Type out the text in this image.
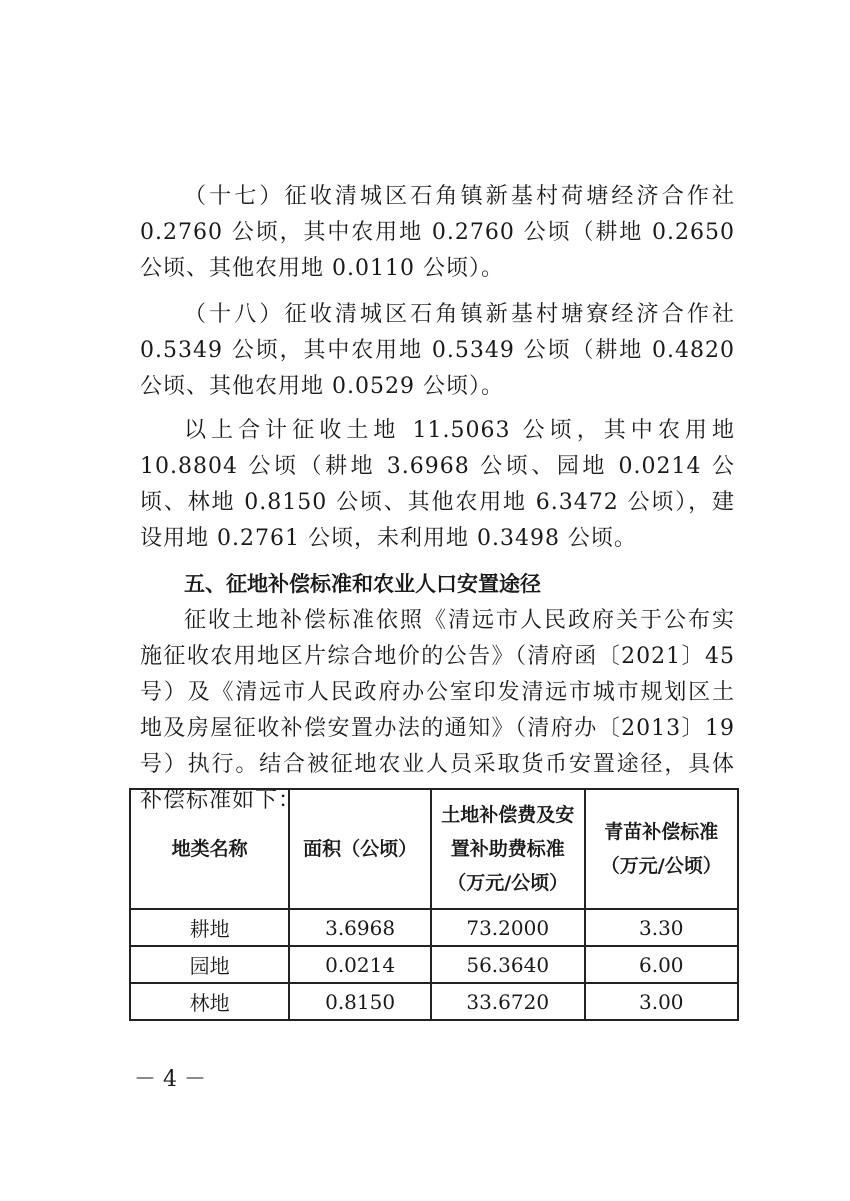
（十七）征收清城区石角镇新基村荷塘经济合作社 0.2760 公顷，其中农用地 0.2760 公顷（耕地 0.2650 公顷、其他农用地 0.0110 公顷）。

（十八）征收清城区石角镇新基村塘寮经济合作社 0.5349 公顷，其中农用地 0.5349 公顷（耕地 0.4820 公顷、其他农用地 0.0529 公顷）。

以上合计征收土地 11.5063 公顷，其中农用地 10.8804 公顷（耕地 3.6968 公顷、园地 0.0214 公顷、林地 0.8150 公顷、其他农用地 6.3472 公顷），建设用地 0.2761 公顷，未利用地 0.3498 公顷。

五、征地补偿标准和农业人口安置途径

征收土地补偿标准依照《清远市人民政府关于公布实施征收农用地区片综合地价的公告》（清府函〔2021〕45 号）及《清远市人民政府办公室印发清远市城市规划区土地及房屋征收补偿安置办法的通知》（清府办〔2013〕19 号）执行。结合被征地农业人员采取货币安置途径，具体补偿标准如下：

地类名称	面积（公顷）	土地补偿费及安置补助费标准（万元/公顷）	青苗补偿标准（万元/公顷）
耕地	3.6968	73.2000	3.30
园地	0.0214	56.3640	6.00
林地	0.8150	33.6720	3.00
－ 4 －
